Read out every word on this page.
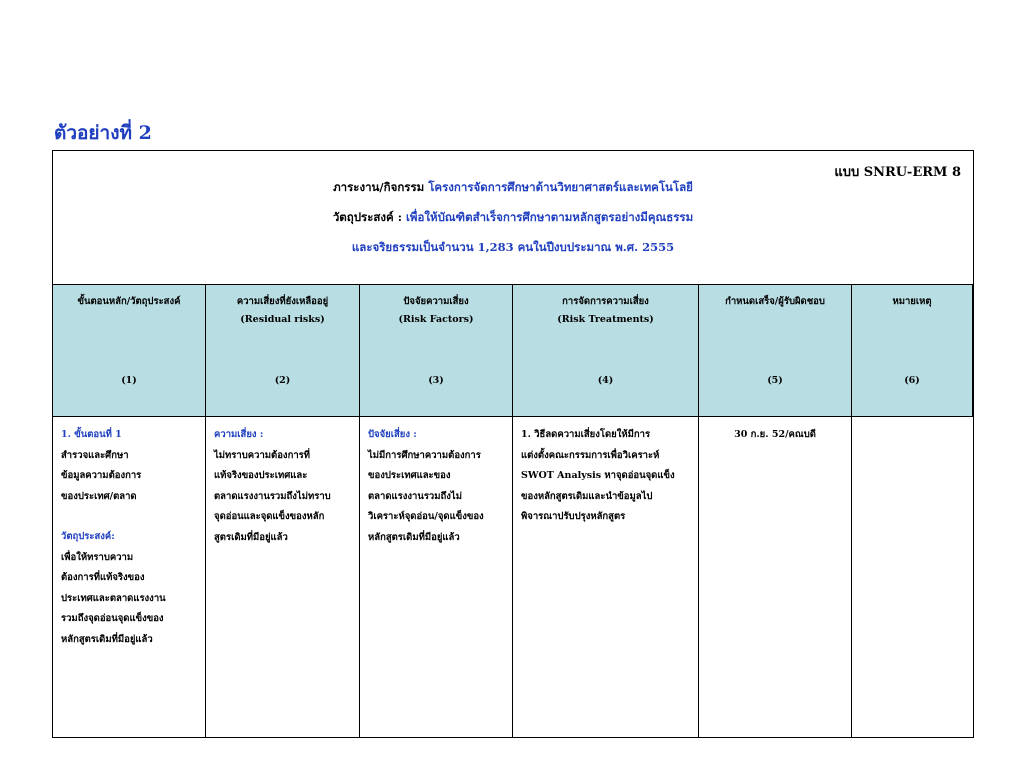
ตัวอย่างที่ 2
แบบ SNRU-ERM 8
ภาระงาน/กิจกรรม โครงการจัดการศึกษาด้านวิทยาศาสตร์และเทคโนโลยี
วัตถุประสงค์ : เพื่อให้บัณฑิตสำเร็จการศึกษาตามหลักสูตรอย่างมีคุณธรรม
และจริยธรรมเป็นจำนวน 1,283 คนในปีงบประมาณ พ.ศ. 2555
ขั้นตอนหลัก/วัตถุประสงค์
(1)
ความเสี่ยงที่ยังเหลืออยู่
(Residual risks)
(2)
ปัจจัยความเสี่ยง
(Risk Factors)
(3)
การจัดการความเสี่ยง
(Risk Treatments)
(4)
กำหนดเสร็จ/ผู้รับผิดชอบ
(5)
หมายเหตุ
(6)
1. ขั้นตอนที่ 1
สำรวจและศึกษา
ข้อมูลความต้องการ
ของประเทศ/ตลาด
วัตถุประสงค์:
เพื่อให้ทราบความ
ต้องการที่แท้จริงของ
ประเทศและตลาดแรงงาน
รวมถึงจุดอ่อนจุดแข็งของ
หลักสูตรเดิมที่มีอยู่แล้ว
ความเสี่ยง :
ไม่ทราบความต้องการที่
แท้จริงของประเทศและ
ตลาดแรงงานรวมถึงไม่ทราบ
จุดอ่อนและจุดแข็งของหลัก
สูตรเดิมที่มีอยู่แล้ว
ปัจจัยเสี่ยง :
ไม่มีการศึกษาความต้องการ
ของประเทศและของ
ตลาดแรงงานรวมถึงไม่
วิเคราะห์จุดอ่อน/จุดแข็งของ
หลักสูตรเดิมที่มีอยู่แล้ว
1. วิธีลดความเสี่ยงโดยให้มีการ
แต่งตั้งคณะกรรมการเพื่อวิเคราะห์
SWOT Analysis หาจุดอ่อนจุดแข็ง
ของหลักสูตรเดิมและนำข้อมูลไป
พิจารณาปรับปรุงหลักสูตร
30 ก.ย. 52/คณบดี
